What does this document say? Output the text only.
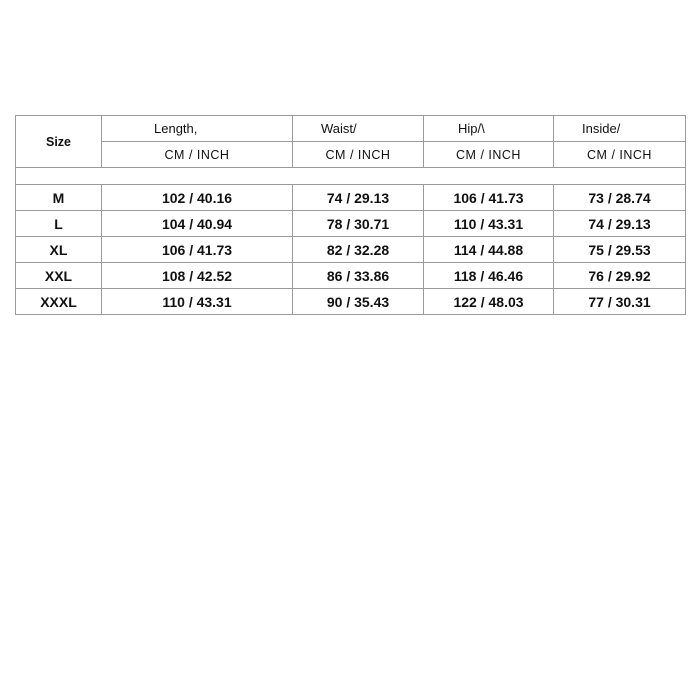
Size	Length,	Waist/	Hip/\	Inside/
	CM / INCH	CM / INCH	CM / INCH	CM / INCH

M	102 / 40.16	74 / 29.13	106 / 41.73	73 / 28.74
L	104 / 40.94	78 / 30.71	110 / 43.31	74 / 29.13
XL	106 / 41.73	82 / 32.28	114 / 44.88	75 / 29.53
XXL	108 / 42.52	86 / 33.86	118 / 46.46	76 / 29.92
XXXL	110 / 43.31	90 / 35.43	122 / 48.03	77 / 30.31
